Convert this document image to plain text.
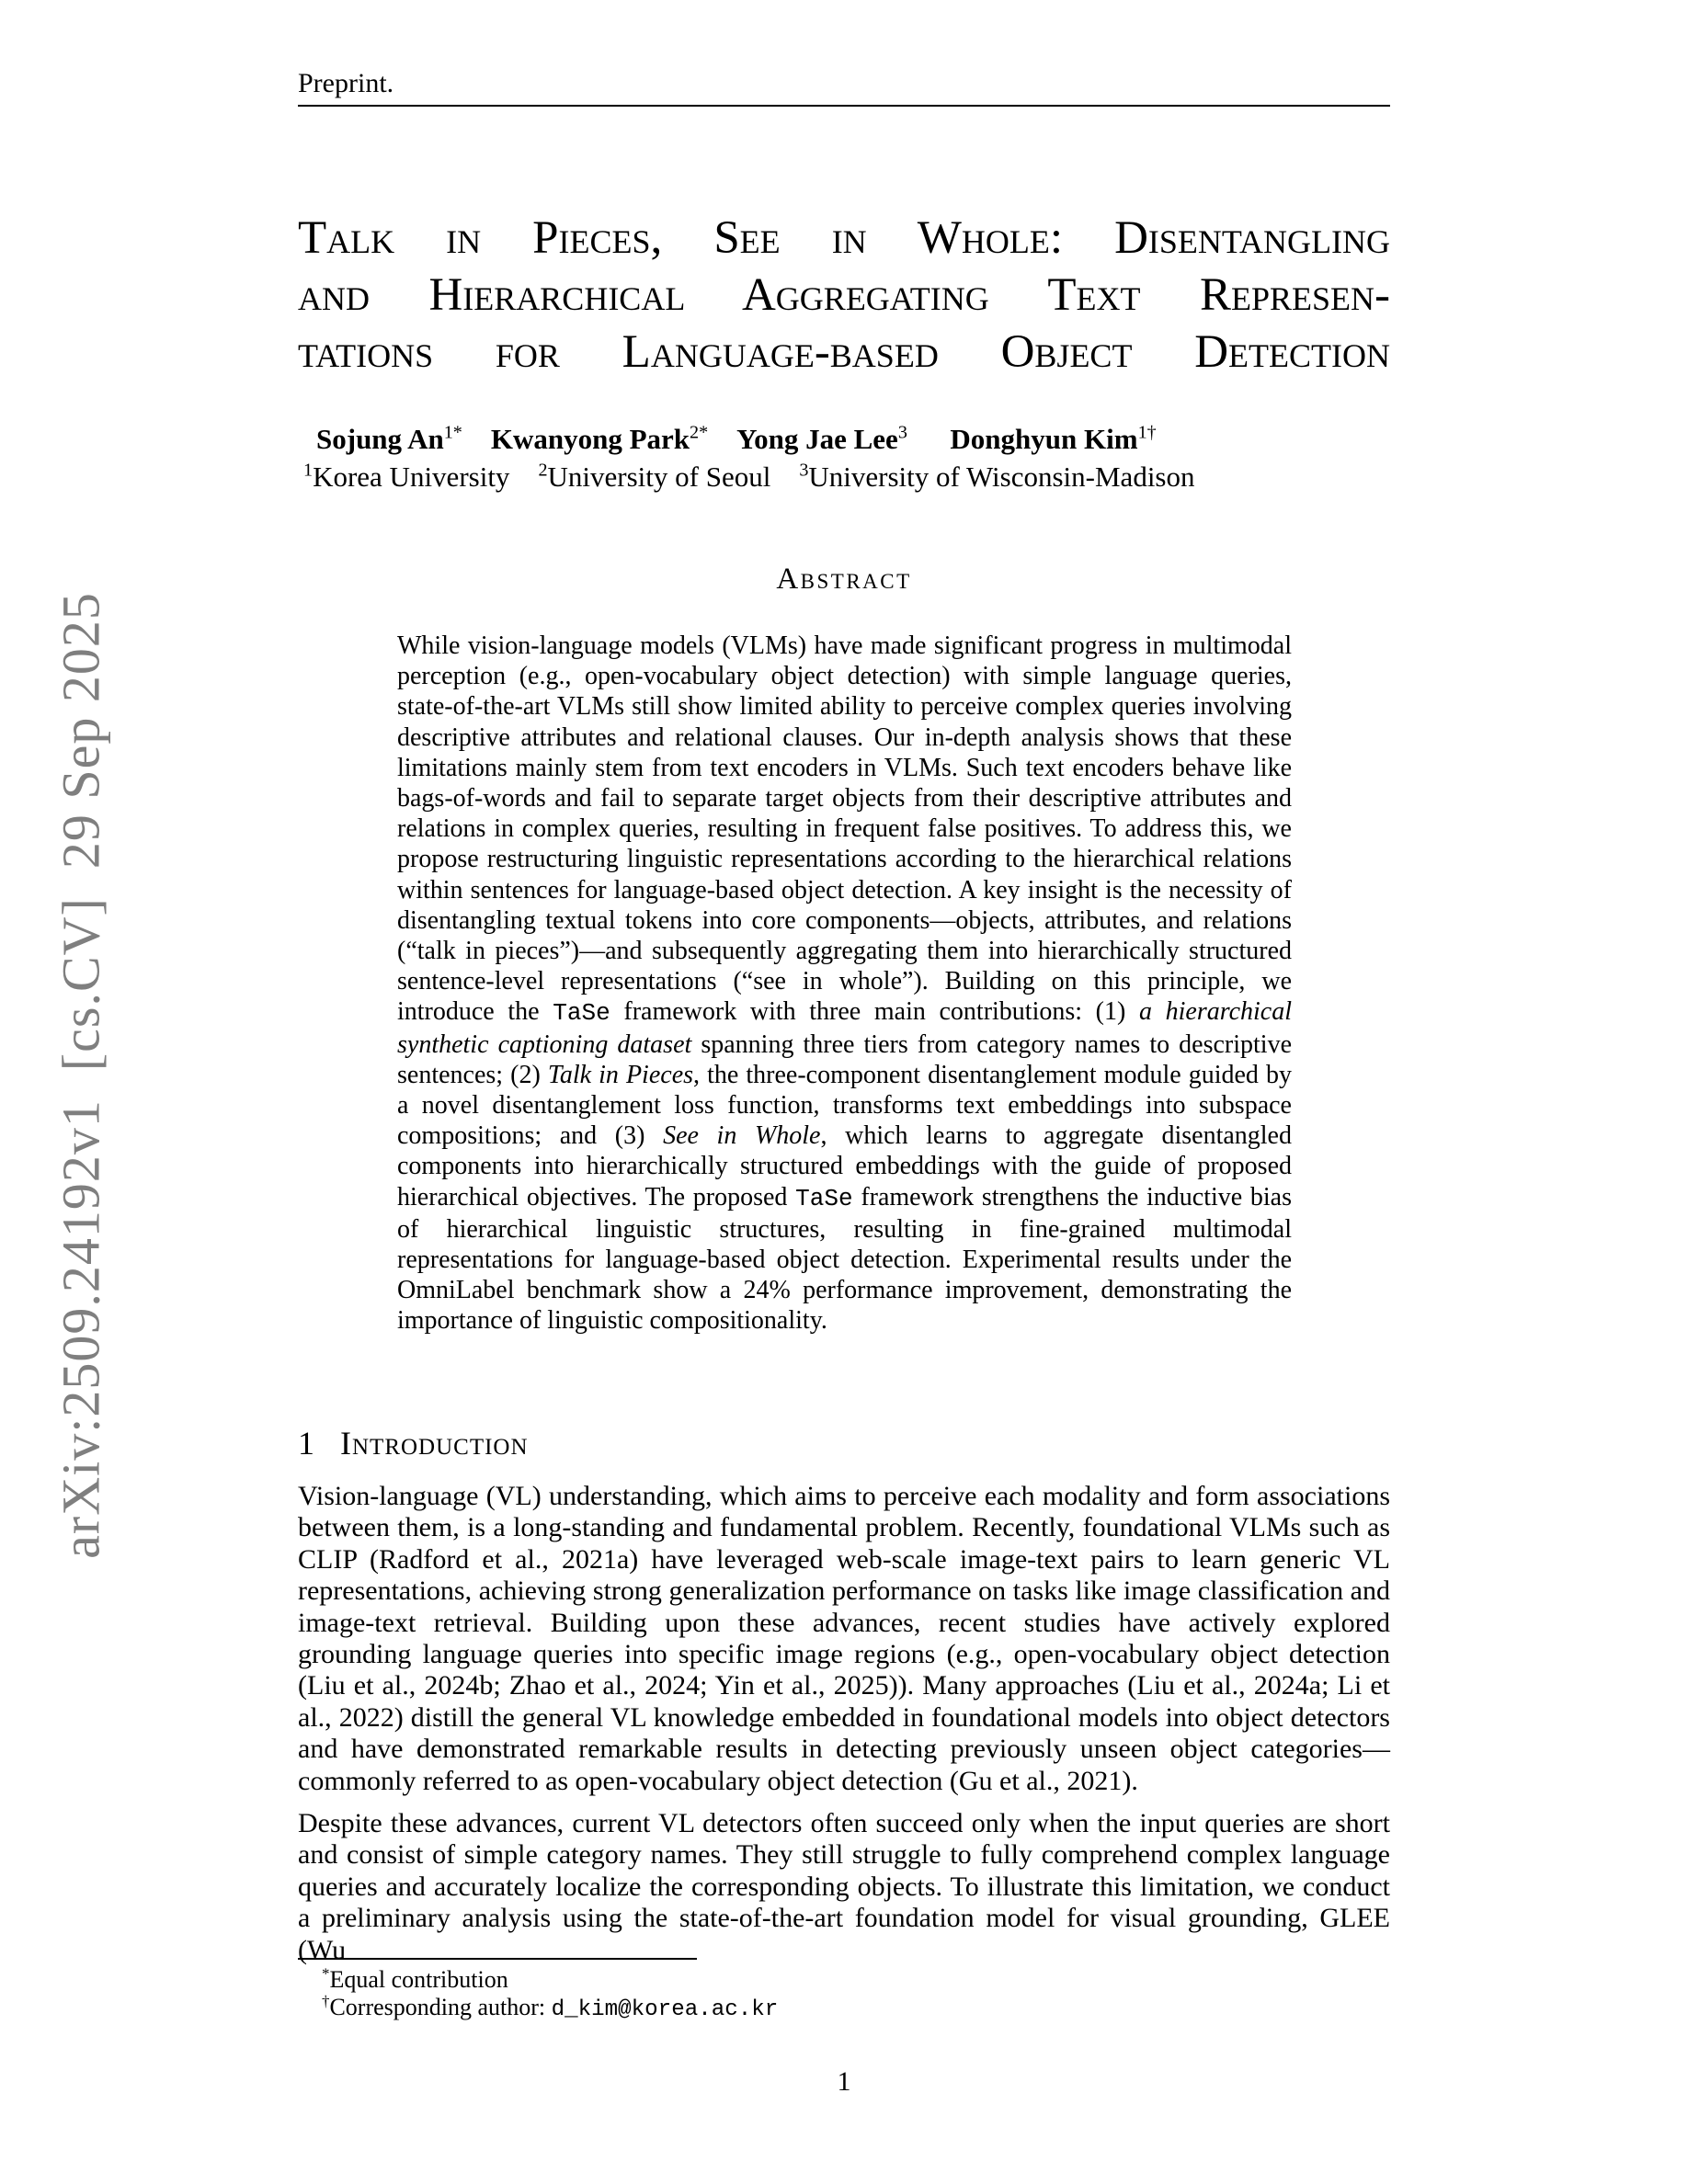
arXiv:2509.24192v1  [cs.CV]  29 Sep 2025
Preprint.
Talk in Pieces, See in Whole: Disentangling
and Hierarchical Aggregating Text Represen-
tations for Language-based Object Detection
Sojung $An^{1*}$  Kwanyong Park$^{2*}$  Yong Jae Lee$^3$   Donghyun Kim$^{1\dagger}$
$^1$Korea University  $^2$University of Seoul  $^3$University of Wisconsin-Madison
Abstract
While vision-language models (VLMs) have made significant progress in multimodal perception (e.g., open-vocabulary object detection) with simple language queries, state-of-the-art VLMs still show limited ability to perceive complex queries involving descriptive attributes and relational clauses. Our in-depth analysis shows that these limitations mainly stem from text encoders in VLMs. Such text encoders behave like bags-of-words and fail to separate target objects from their descriptive attributes and relations in complex queries, resulting in frequent false positives. To address this, we propose restructuring linguistic representations according to the hierarchical relations within sentences for language-based object detection. A key insight is the necessity of disentangling textual tokens into core components—objects, attributes, and relations (“talk in pieces”)—and subsequently aggregating them into hierarchically structured sentence-level representations (“see in whole”). Building on this principle, we introduce the TaSe framework with three main contributions: (1) a hierarchical synthetic captioning dataset spanning three tiers from category names to descriptive sentences; (2) Talk in Pieces, the three-component disentanglement module guided by a novel disentanglement loss function, transforms text embeddings into subspace compositions; and (3) See in Whole, which learns to aggregate disentangled components into hierarchically structured embeddings with the guide of proposed hierarchical objectives. The proposed TaSe framework strengthens the inductive bias of hierarchical linguistic structures, resulting in fine-grained multimodal representations for language-based object detection. Experimental results under the OmniLabel benchmark show a 24% performance improvement, demonstrating the importance of linguistic compositionality.
1 Introduction

Vision-language (VL) understanding, which aims to perceive each modality and form associations between them, is a long-standing and fundamental problem. Recently, foundational VLMs such as CLIP (Radford et al., 2021a) have leveraged web-scale image-text pairs to learn generic VL representations, achieving strong generalization performance on tasks like image classification and image-text retrieval. Building upon these advances, recent studies have actively explored grounding language queries into specific image regions (e.g., open-vocabulary object detection (Liu et al., 2024b; Zhao et al., 2024; Yin et al., 2025)). Many approaches (Liu et al., 2024a; Li et al., 2022) distill the general VL knowledge embedded in foundational models into object detectors and have demonstrated remarkable results in detecting previously unseen object categories—commonly referred to as open-vocabulary object detection (Gu et al., 2021).

Despite these advances, current VL detectors often succeed only when the input queries are short and consist of simple category names. They still struggle to fully comprehend complex language queries and accurately localize the corresponding objects. To illustrate this limitation, we conduct a preliminary analysis using the state-of-the-art foundation model for visual grounding, GLEE (Wu

*Equal contribution

†Corresponding author: d_kim@korea.ac.kr

1
